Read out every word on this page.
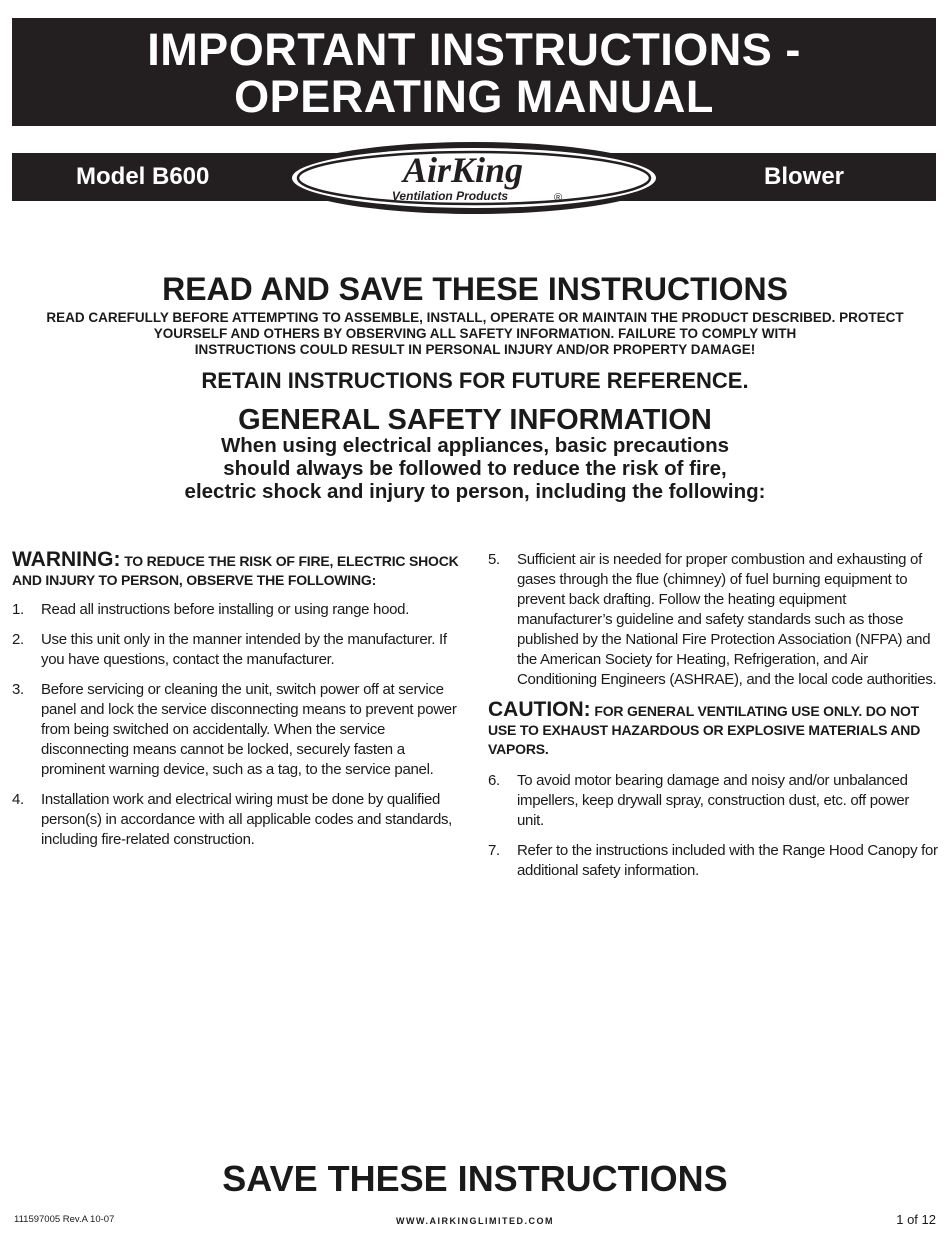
IMPORTANT INSTRUCTIONS -
OPERATING MANUAL
Model B600	Blower
AirKing
Ventilation Products	®
READ AND SAVE THESE INSTRUCTIONS
READ CAREFULLY BEFORE ATTEMPTING TO ASSEMBLE, INSTALL, OPERATE OR MAINTAIN THE PRODUCT DESCRIBED. PROTECT
YOURSELF AND OTHERS BY OBSERVING ALL SAFETY INFORMATION. FAILURE TO COMPLY WITH
INSTRUCTIONS COULD RESULT IN PERSONAL INJURY AND/OR PROPERTY DAMAGE!
RETAIN INSTRUCTIONS FOR FUTURE REFERENCE.
GENERAL SAFETY INFORMATION
When using electrical appliances, basic precautions
should always be followed to reduce the risk of fire,
electric shock and injury to person, including the following:
WARNING: TO REDUCE THE RISK OF FIRE, ELECTRIC SHOCK AND INJURY TO PERSON, OBSERVE THE FOLLOWING:
1. Read all instructions before installing or using range hood.
2. Use this unit only in the manner intended by the manufacturer. If you have questions, contact the manufacturer.
3. Before servicing or cleaning the unit, switch power off at service panel and lock the service disconnecting means to prevent power from being switched on accidentally. When the service disconnecting means cannot be locked, securely fasten a prominent warning device, such as a tag, to the service panel.
4. Installation work and electrical wiring must be done by qualified person(s) in accordance with all applicable codes and standards, including fire-related construction.
5. Sufficient air is needed for proper combustion and exhausting of gases through the flue (chimney) of fuel burning equipment to prevent back drafting. Follow the heating equipment manufacturer’s guideline and safety standards such as those published by the National Fire Protection Association (NFPA) and the American Society for Heating, Refrigeration, and Air Conditioning Engineers (ASHRAE), and the local code authorities.
CAUTION: FOR GENERAL VENTILATING USE ONLY. DO NOT USE TO EXHAUST HAZARDOUS OR EXPLOSIVE MATERIALS AND VAPORS.
6. To avoid motor bearing damage and noisy and/or unbalanced impellers, keep drywall spray, construction dust, etc. off power unit.
7. Refer to the instructions included with the Range Hood Canopy for additional safety information.
SAVE THESE INSTRUCTIONS
111597005 Rev.A 10-07	WWW.AIRKINGLIMITED.COM	1 of 12
